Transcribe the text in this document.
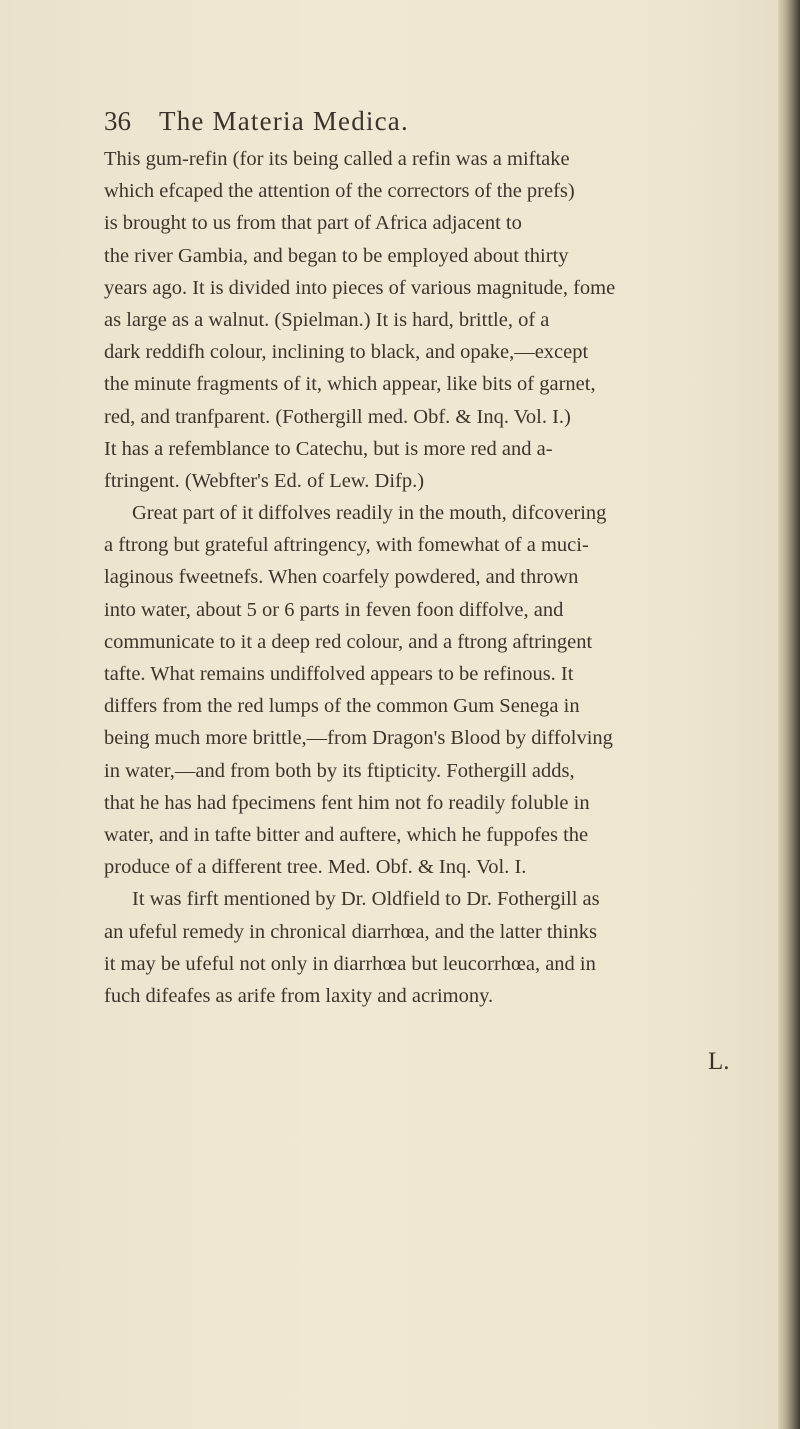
36 The Materia Medica.
This gum-refin (for its being called a refin was a miftake
which efcaped the attention of the correctors of the prefs)
is brought to us from that part of Africa adjacent to
the river Gambia, and began to be employed about thirty
years ago. It is divided into pieces of various magnitude, fome
as large as a walnut. (Spielman.) It is hard, brittle, of a
dark reddifh colour, inclining to black, and opake,—except
the minute fragments of it, which appear, like bits of garnet,
red, and tranfparent. (Fothergill med. Obf. & Inq. Vol. I.)
It has a refemblance to Catechu, but is more red and a-
ftringent. (Webfter's Ed. of Lew. Difp.)
Great part of it diffolves readily in the mouth, difcovering
a ftrong but grateful aftringency, with fomewhat of a muci-
laginous fweetnefs. When coarfely powdered, and thrown
into water, about 5 or 6 parts in feven foon diffolve, and
communicate to it a deep red colour, and a ftrong aftringent
tafte. What remains undiffolved appears to be refinous. It
differs from the red lumps of the common Gum Senega in
being much more brittle,—from Dragon's Blood by diffolving
in water,—and from both by its ftipticity. Fothergill adds,
that he has had fpecimens fent him not fo readily foluble in
water, and in tafte bitter and auftere, which he fuppofes the
produce of a different tree. Med. Obf. & Inq. Vol. I.
It was firft mentioned by Dr. Oldfield to Dr. Fothergill as
an ufeful remedy in chronical diarrhœa, and the latter thinks
it may be ufeful not only in diarrhœa but leucorrhœa, and in
fuch difeafes as arife from laxity and acrimony.
L.
